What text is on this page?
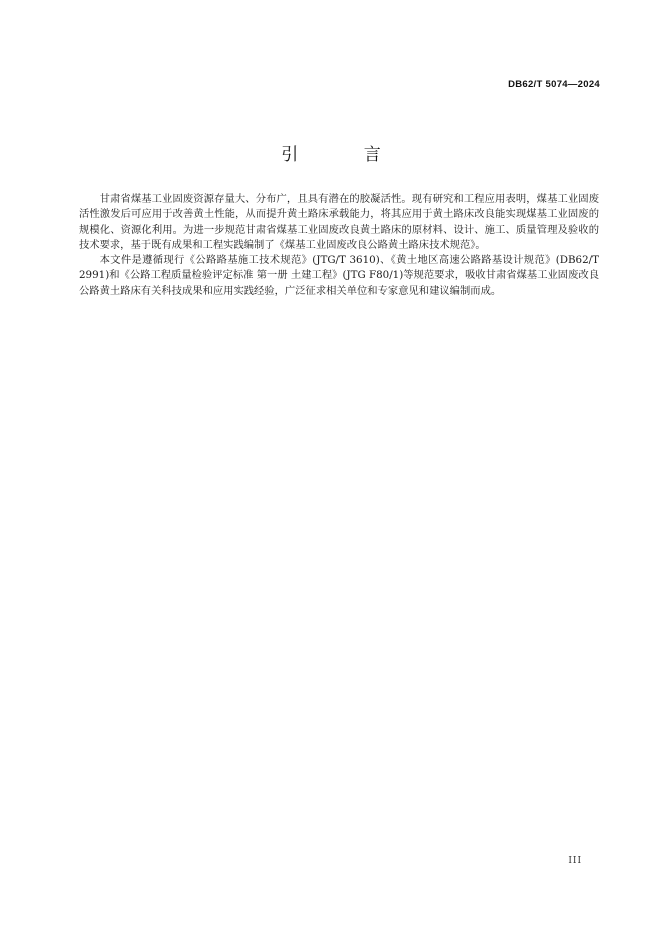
DB62/T 5074—2024
引 言

甘肃省煤基工业固废资源存量大、分布广，且具有潜在的胶凝活性。现有研究和工程应用表明，煤基工业固废活性激发后可应用于改善黄土性能，从而提升黄土路床承载能力，将其应用于黄土路床改良能实现煤基工业固废的规模化、资源化利用。为进一步规范甘肃省煤基工业固废改良黄土路床的原材料、设计、施工、质量管理及验收的技术要求，基于既有成果和工程实践编制了《煤基工业固废改良公路黄土路床技术规范》。

本文件是遵循现行《公路路基施工技术规范》(JTG/T 3610)、《黄土地区高速公路路基设计规范》(DB62/T 2991)和《公路工程质量检验评定标准 第一册 土建工程》(JTG F80/1)等规范要求，吸收甘肃省煤基工业固废改良公路黄土路床有关科技成果和应用实践经验，广泛征求相关单位和专家意见和建议编制而成。

III
